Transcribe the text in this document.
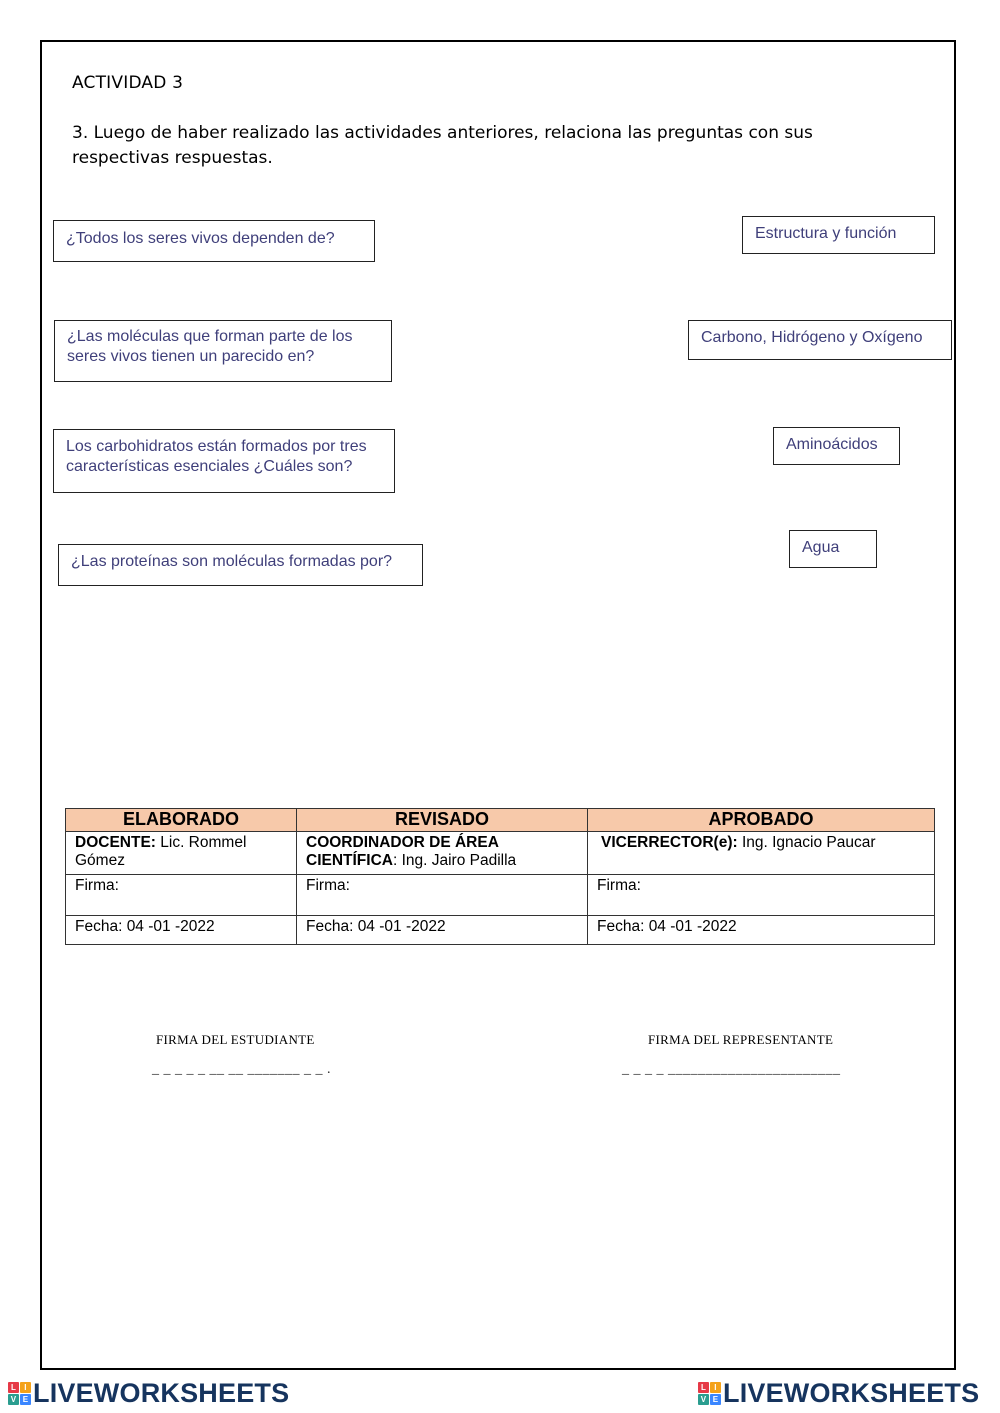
ACTIVIDAD 3
3. Luego de haber realizado las actividades anteriores, relaciona las preguntas con sus respectivas respuestas.
¿Todos los seres vivos dependen de?
¿Las moléculas que forman parte de los seres vivos tienen un parecido en?
Los carbohidratos están formados por tres características esenciales ¿Cuáles son?
¿Las proteínas son moléculas formadas por?
Estructura y función
Carbono, Hidrógeno y Oxígeno
Aminoácidos
Agua
ELABORADO	REVISADO	APROBADO
DOCENTE: Lic. Rommel Gómez	COORDINADOR DE ÁREA CIENTÍFICA: Ing. Jairo Padilla	VICERRECTOR(e): Ing. Ignacio Paucar
Firma:	Firma:	Firma:
Fecha: 04 -01 -2022	Fecha: 04 -01 -2022	Fecha: 04 -01 -2022
FIRMA DEL ESTUDIANTE
_ _ _ _ _ __ __ _______ _ _ .
FIRMA DEL REPRESENTANTE
_ _ _ _ _______________________
L	I
V E LIVEWORKSHEETS	L	I
V E LIVEWORKSHEETS
